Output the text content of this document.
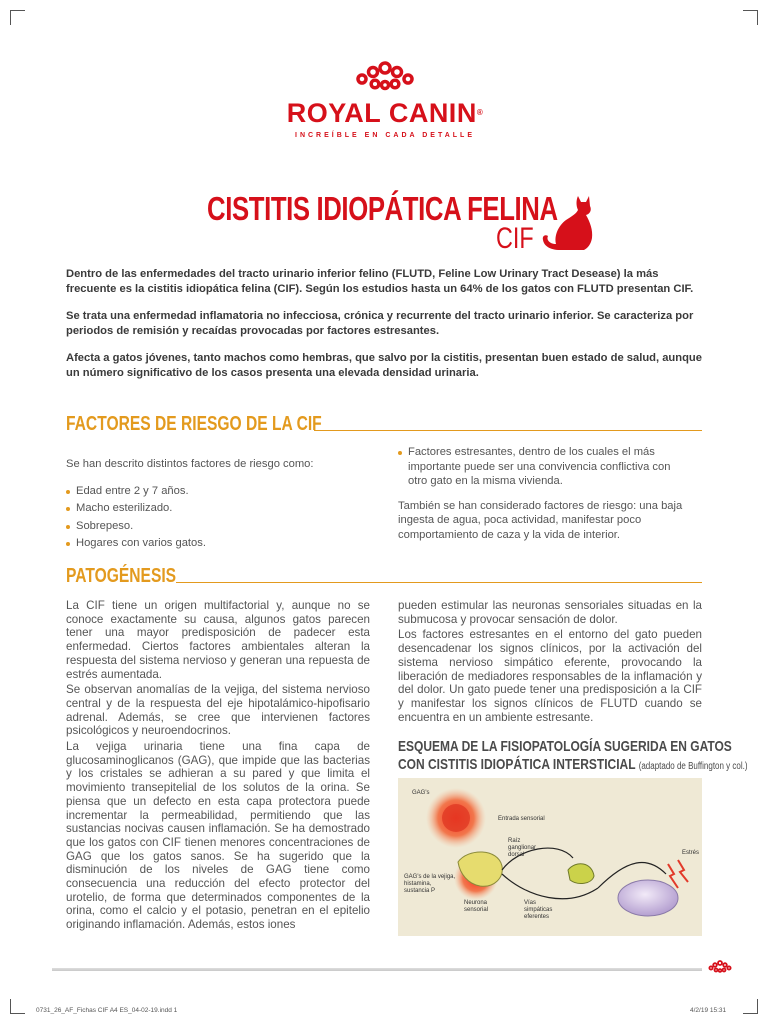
ROYAL CANIN®
INCREÍBLE EN CADA DETALLE
CISTITIS IDIOPÁTICA FELINA
CIF

Dentro de las enfermedades del tracto urinario inferior felino (FLUTD, Feline Low Urinary Tract Desease) la más frecuente es la cistitis idiopática felina (CIF). Según los estudios hasta un 64% de los gatos con FLUTD presentan CIF.

Se trata una enfermedad inflamatoria no infecciosa, crónica y recurrente del tracto urinario inferior. Se caracteriza por periodos de remisión y recaídas provocadas por factores estresantes.

Afecta a gatos jóvenes, tanto machos como hembras, que salvo por la cistitis, presentan buen estado de salud, aunque un número significativo de los casos presenta una elevada densidad urinaria.

FACTORES DE RIESGO DE LA CIF

Se han descrito distintos factores de riesgo como:

Edad entre 2 y 7 años.
Macho esterilizado.
Sobrepeso.
Hogares con varios gatos.
Factores estresantes, dentro de los cuales el más importante puede ser una convivencia conflictiva con otro gato en la misma vivienda.

También se han considerado factores de riesgo: una baja ingesta de agua, poca actividad, manifestar poco comportamiento de caza y la vida de interior.

PATOGÉNESIS

La CIF tiene un origen multifactorial y, aunque no se conoce exactamente su causa, algunos gatos parecen tener una mayor predisposición de padecer esta enfermedad. Ciertos factores ambientales alteran la respuesta del sistema nervioso y generan una repuesta de estrés aumentada.

Se observan anomalías de la vejiga, del sistema nervioso central y de la respuesta del eje hipotalámico-hipofisario adrenal. Además, se cree que intervienen factores psicológicos y neuroendocrinos.

La vejiga urinaria tiene una fina capa de glucosaminoglicanos (GAG), que impide que las bacterias y los cristales se adhieran a su pared y que limita el movimiento transepitelial de los solutos de la orina. Se piensa que un defecto en esta capa protectora puede incrementar la permeabilidad, permitiendo que las sustancias nocivas causen inflamación. Se ha demostrado que los gatos con CIF tienen menores concentraciones de GAG que los gatos sanos. Se ha sugerido que la disminución de los niveles de GAG tiene como consecuencia una reducción del efecto protector del urotelio, de forma que determinados componentes de la orina, como el calcio y el potasio, penetran en el epitelio originando inflamación. Además, estos iones

pueden estimular las neuronas sensoriales situadas en la submucosa y provocar sensación de dolor.

Los factores estresantes en el entorno del gato pueden desencadenar los signos clínicos, por la activación del sistema nervioso simpático eferente, provocando la liberación de mediadores responsables de la inflamación y del dolor. Un gato puede tener una predisposición a la CIF y manifestar los signos clínicos de FLUTD cuando se encuentra en un ambiente estresante.

ESQUEMA DE LA FISIOPATOLOGÍA SUGERIDA EN GATOS
CON CISTITIS IDIOPÁTICA INTERSTICIAL (adaptado de Buffington y col.)
GAG's
Entrada sensorial
Raíz ganglionar dorsal	Estrés
GAG's de la vejiga, histamina, sustancia P
Neurona sensorial
Vías simpáticas eferentes
0731_26_AF_Fichas CIF A4 ES_04-02-19.indd 1	4/2/19 15:31
